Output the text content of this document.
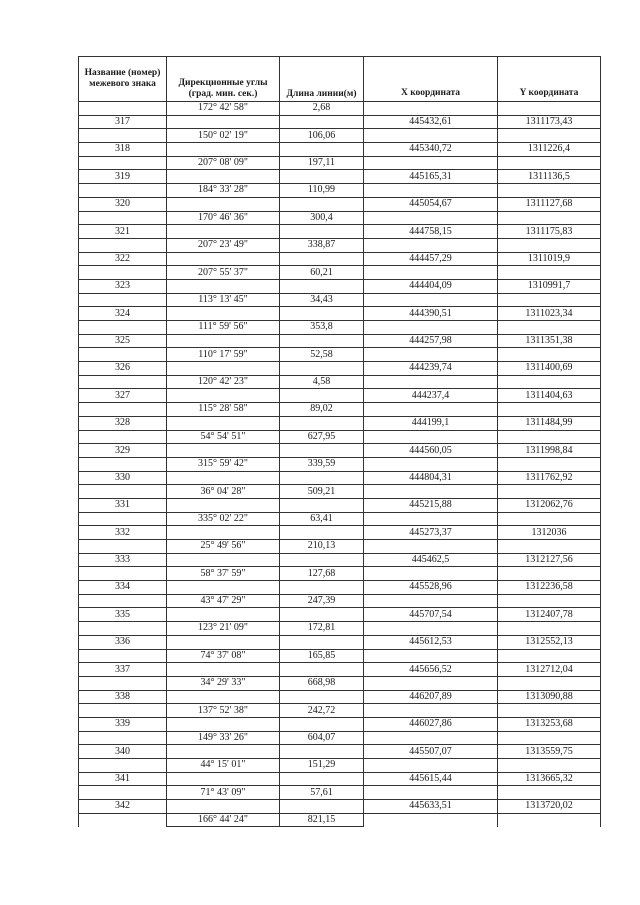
Название (номер) межевого знака	Дирекционные углы (град. мин. сек.)	Длина линии(м)	X координата	Y координата
	172° 42' 58"	2,68		
317			445432,61	1311173,43
	150° 02' 19"	106,06		
318			445340,72	1311226,4
	207° 08' 09"	197,11		
319			445165,31	1311136,5
	184° 33' 28"	110,99		
320			445054,67	1311127,68
	170° 46' 36"	300,4		
321			444758,15	1311175,83
	207° 23' 49"	338,87		
322			444457,29	1311019,9
	207° 55' 37"	60,21		
323			444404,09	1310991,7
	113° 13' 45"	34,43		
324			444390,51	1311023,34
	111° 59' 56"	353,8		
325			444257,98	1311351,38
	110° 17' 59"	52,58		
326			444239,74	1311400,69
	120° 42' 23"	4,58		
327			444237,4	1311404,63
	115° 28' 58"	89,02		
328			444199,1	1311484,99
	54° 54' 51"	627,95		
329			444560,05	1311998,84
	315° 59' 42"	339,59		
330			444804,31	1311762,92
	36° 04' 28"	509,21		
331			445215,88	1312062,76
	335° 02' 22"	63,41		
332			445273,37	1312036
	25° 49' 56"	210,13		
333			445462,5	1312127,56
	58° 37' 59"	127,68		
334			445528,96	1312236,58
	43° 47' 29"	247,39		
335			445707,54	1312407,78
	123° 21' 09"	172,81		
336			445612,53	1312552,13
	74° 37' 08"	165,85		
337			445656,52	1312712,04
	34° 29' 33"	668,98		
338			446207,89	1313090,88
	137° 52' 38"	242,72		
339			446027,86	1313253,68
	149° 33' 26"	604,07		
340			445507,07	1313559,75
	44° 15' 01"	151,29		
341			445615,44	1313665,32
	71° 43' 09"	57,61		
342			445633,51	1313720,02
	166° 44' 24"	821,15		
